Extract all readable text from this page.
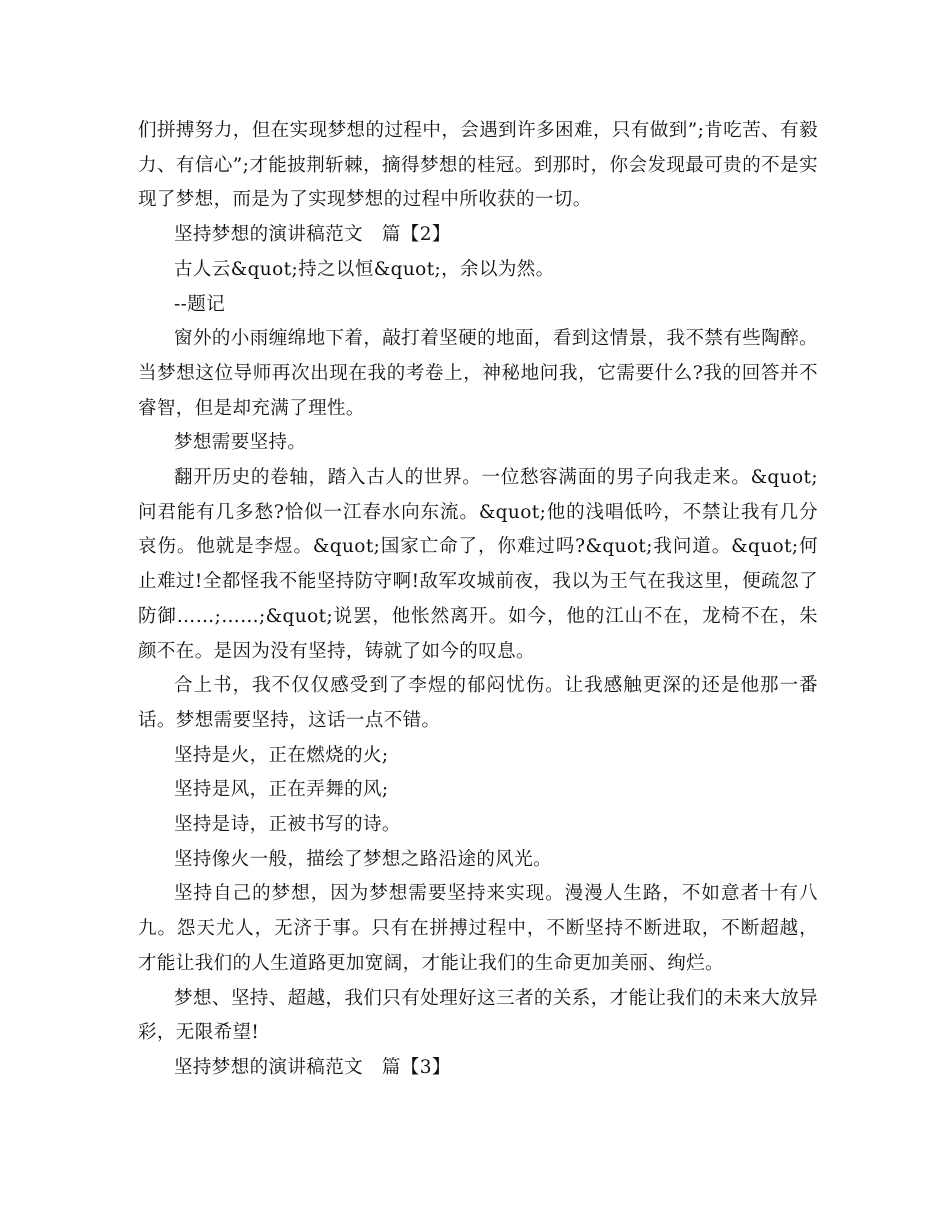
们拼搏努力，但在实现梦想的过程中，会遇到许多困难，只有做到”;肯吃苦、有毅力、有信心”;才能披荆斩棘，摘得梦想的桂冠。到那时，你会发现最可贵的不是实现了梦想，而是为了实现梦想的过程中所收获的一切。

坚持梦想的演讲稿范文　篇【2】

古人云&quot;持之以恒&quot;，余以为然。

--题记

窗外的小雨缠绵地下着，敲打着坚硬的地面，看到这情景，我不禁有些陶醉。当梦想这位导师再次出现在我的考卷上，神秘地问我，它需要什么?我的回答并不睿智，但是却充满了理性。

梦想需要坚持。

翻开历史的卷轴，踏入古人的世界。一位愁容满面的男子向我走来。&quot;问君能有几多愁?恰似一江春水向东流。&quot;他的浅唱低吟，不禁让我有几分哀伤。他就是李煜。&quot;国家亡命了，你难过吗?&quot;我问道。&quot;何止难过!全都怪我不能坚持防守啊!敌军攻城前夜，我以为王气在我这里，便疏忽了防御……;……;&quot;说罢，他怅然离开。如今，他的江山不在，龙椅不在，朱颜不在。是因为没有坚持，铸就了如今的叹息。

合上书，我不仅仅感受到了李煜的郁闷忧伤。让我感触更深的还是他那一番话。梦想需要坚持，这话一点不错。

坚持是火，正在燃烧的火;

坚持是风，正在弄舞的风;

坚持是诗，正被书写的诗。

坚持像火一般，描绘了梦想之路沿途的风光。

坚持自己的梦想，因为梦想需要坚持来实现。漫漫人生路，不如意者十有八九。怨天尤人，无济于事。只有在拼搏过程中，不断坚持不断进取，不断超越，才能让我们的人生道路更加宽阔，才能让我们的生命更加美丽、绚烂。

梦想、坚持、超越，我们只有处理好这三者的关系，才能让我们的未来大放异彩，无限希望!

坚持梦想的演讲稿范文　篇【3】
